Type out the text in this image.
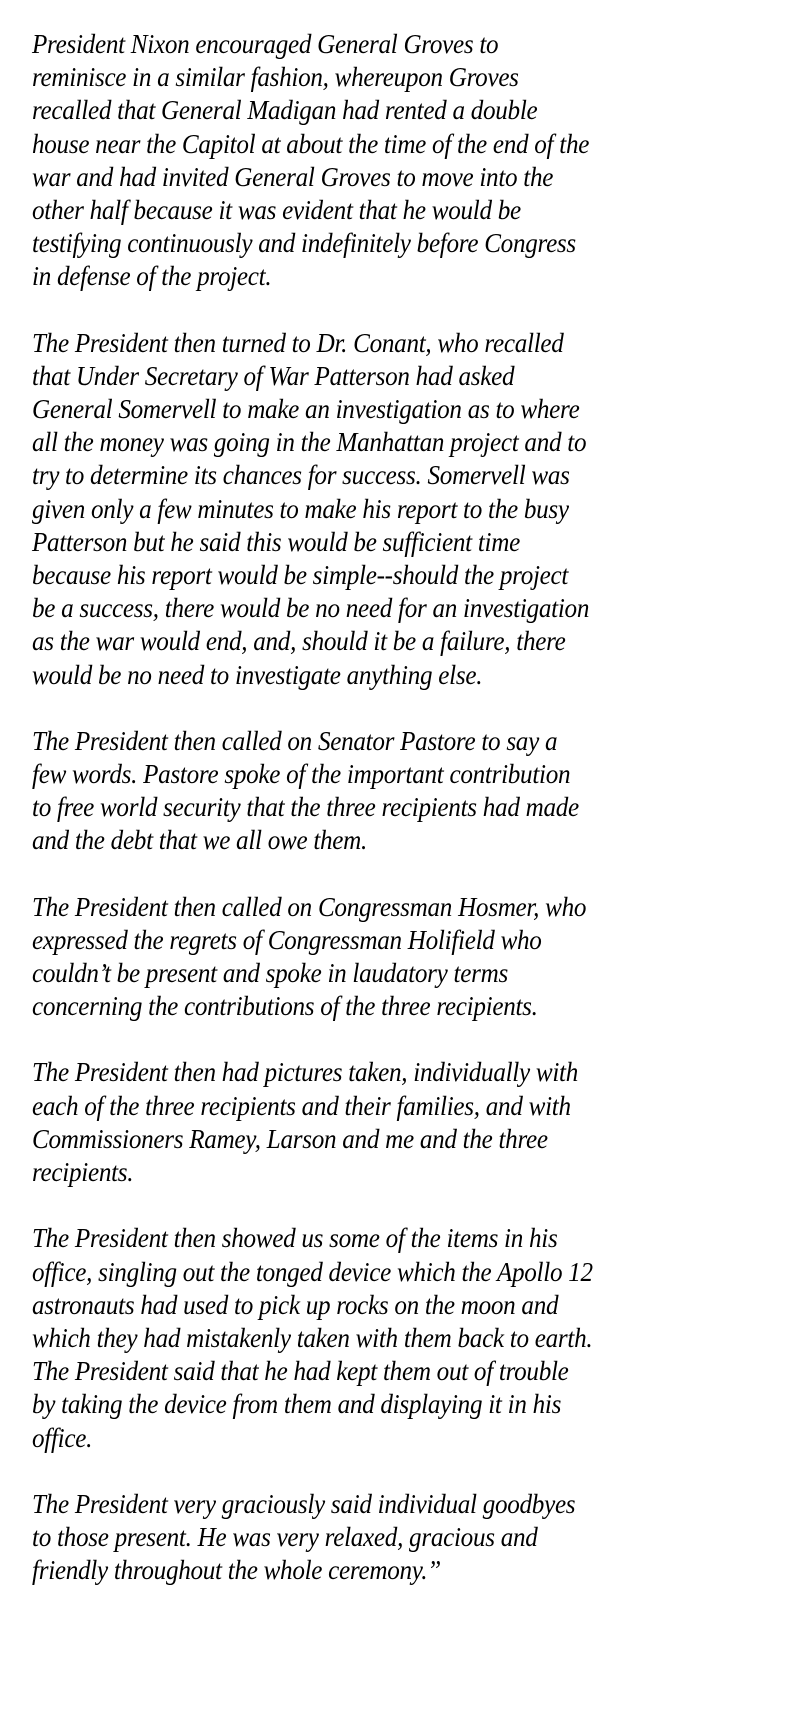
President Nixon encouraged General Groves to
reminisce in a similar fashion, whereupon Groves
recalled that General Madigan had rented a double
house near the Capitol at about the time of the end of the
war and had invited General Groves to move into the
other half because it was evident that he would be
testifying continuously and indefinitely before Congress
in defense of the project.

The President then turned to Dr. Conant, who recalled
that Under Secretary of War Patterson had asked
General Somervell to make an investigation as to where
all the money was going in the Manhattan project and to
try to determine its chances for success. Somervell was
given only a few minutes to make his report to the busy
Patterson but he said this would be sufficient time
because his report would be simple--should the project
be a success, there would be no need for an investigation
as the war would end, and, should it be a failure, there
would be no need to investigate anything else.

The President then called on Senator Pastore to say a
few words. Pastore spoke of the important contribution
to free world security that the three recipients had made
and the debt that we all owe them.

The President then called on Congressman Hosmer, who
expressed the regrets of Congressman Holifield who
couldn’t be present and spoke in laudatory terms
concerning the contributions of the three recipients.

The President then had pictures taken, individually with
each of the three recipients and their families, and with
Commissioners Ramey, Larson and me and the three
recipients.

The President then showed us some of the items in his
office, singling out the tonged device which the Apollo 12
astronauts had used to pick up rocks on the moon and
which they had mistakenly taken with them back to earth.
The President said that he had kept them out of trouble
by taking the device from them and displaying it in his
office.

The President very graciously said individual goodbyes
to those present. He was very relaxed, gracious and
friendly throughout the whole ceremony.”
